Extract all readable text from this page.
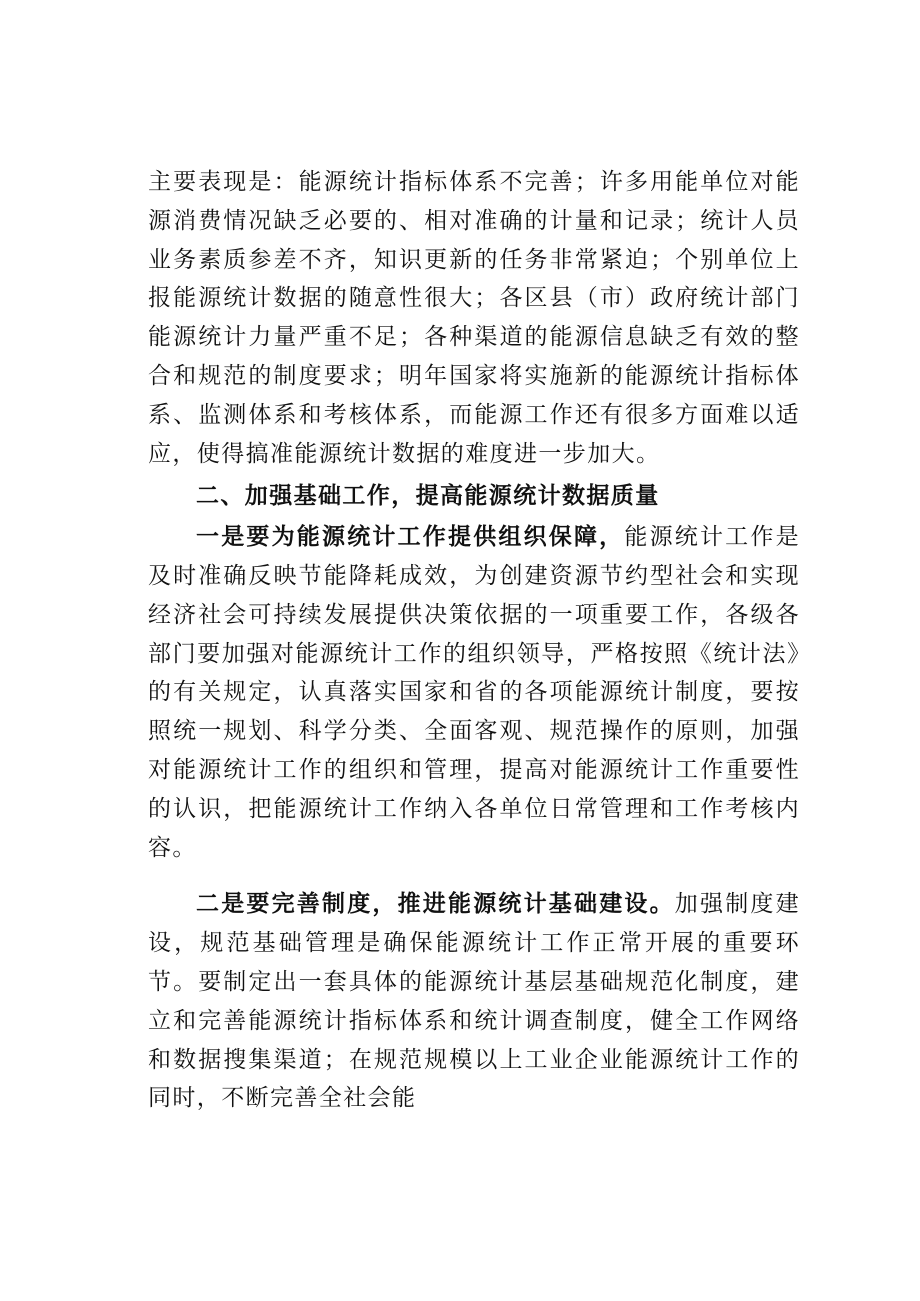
主要表现是：能源统计指标体系不完善；许多用能单位对能源消费情况缺乏必要的、相对准确的计量和记录；统计人员业务素质参差不齐，知识更新的任务非常紧迫；个别单位上报能源统计数据的随意性很大；各区县（市）政府统计部门能源统计力量严重不足；各种渠道的能源信息缺乏有效的整合和规范的制度要求；明年国家将实施新的能源统计指标体系、监测体系和考核体系，而能源工作还有很多方面难以适应，使得搞准能源统计数据的难度进一步加大。

二、加强基础工作，提高能源统计数据质量

一是要为能源统计工作提供组织保障，能源统计工作是及时准确反映节能降耗成效，为创建资源节约型社会和实现经济社会可持续发展提供决策依据的一项重要工作，各级各部门要加强对能源统计工作的组织领导，严格按照《统计法》的有关规定，认真落实国家和省的各项能源统计制度，要按照统一规划、科学分类、全面客观、规范操作的原则，加强对能源统计工作的组织和管理，提高对能源统计工作重要性的认识，把能源统计工作纳入各单位日常管理和工作考核内容。

二是要完善制度，推进能源统计基础建设。加强制度建设，规范基础管理是确保能源统计工作正常开展的重要环节。要制定出一套具体的能源统计基层基础规范化制度，建立和完善能源统计指标体系和统计调查制度，健全工作网络和数据搜集渠道；在规范规模以上工业企业能源统计工作的同时，不断完善全社会能
